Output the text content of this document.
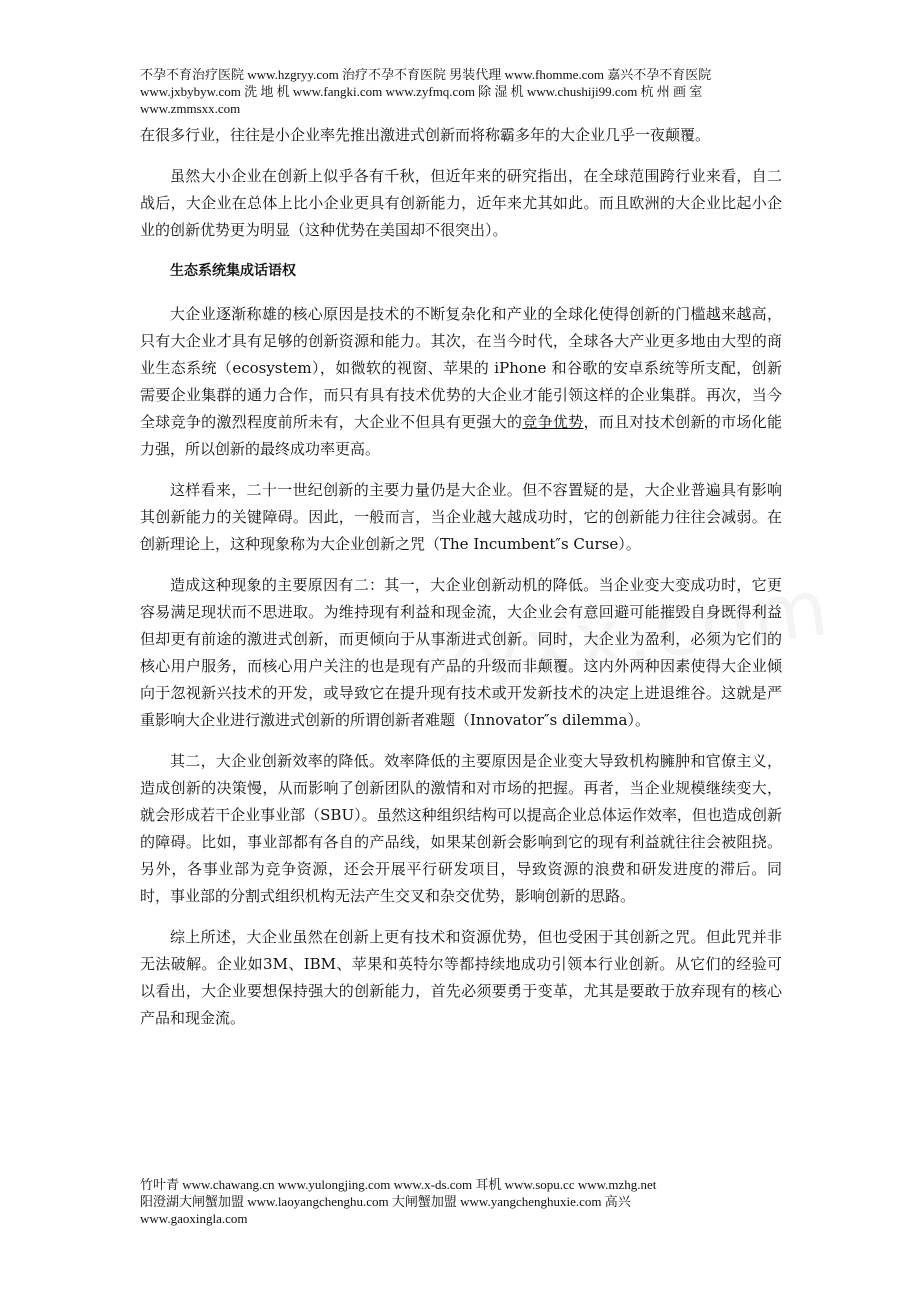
不孕不育治疗医院 www.hzgryy.com 治疗不孕不育医院 男装代理 www.fhomme.com 嘉兴不孕不育医院
www.jxbybyw.com 洗 地 机 www.fangki.com www.zyfmq.com 除 湿 机 www.chushiji99.com 杭 州 画 室
www.zmmsxx.com

在很多行业，往往是小企业率先推出激进式创新而将称霸多年的大企业几乎一夜颠覆。

虽然大小企业在创新上似乎各有千秋，但近年来的研究指出，在全球范围跨行业来看，自二战后，大企业在总体上比小企业更具有创新能力，近年来尤其如此。而且欧洲的大企业比起小企业的创新优势更为明显（这种优势在美国却不很突出）。

生态系统集成话语权

大企业逐渐称雄的核心原因是技术的不断复杂化和产业的全球化使得创新的门槛越来越高，只有大企业才具有足够的创新资源和能力。其次，在当今时代，全球各大产业更多地由大型的商业生态系统（ecosystem），如微软的视窗、苹果的 iPhone 和谷歌的安卓系统等所支配，创新需要企业集群的通力合作，而只有具有技术优势的大企业才能引领这样的企业集群。再次，当今全球竞争的激烈程度前所未有，大企业不但具有更强大的竞争优势，而且对技术创新的市场化能力强，所以创新的最终成功率更高。

这样看来，二十一世纪创新的主要力量仍是大企业。但不容置疑的是，大企业普遍具有影响其创新能力的关键障碍。因此，一般而言，当企业越大越成功时，它的创新能力往往会减弱。在创新理论上，这种现象称为大企业创新之咒（The Incumbent″s Curse）。

造成这种现象的主要原因有二：其一，大企业创新动机的降低。当企业变大变成功时，它更容易满足现状而不思进取。为维持现有利益和现金流，大企业会有意回避可能摧毁自身既得利益但却更有前途的激进式创新，而更倾向于从事渐进式创新。同时，大企业为盈利，必须为它们的核心用户服务，而核心用户关注的也是现有产品的升级而非颠覆。这内外两种因素使得大企业倾向于忽视新兴技术的开发，或导致它在提升现有技术或开发新技术的决定上进退维谷。这就是严重影响大企业进行激进式创新的所谓创新者难题（Innovator″s dilemma）。

其二，大企业创新效率的降低。效率降低的主要原因是企业变大导致机构臃肿和官僚主义，造成创新的决策慢，从而影响了创新团队的激情和对市场的把握。再者，当企业规模继续变大，就会形成若干企业事业部（SBU）。虽然这种组织结构可以提高企业总体运作效率，但也造成创新的障碍。比如，事业部都有各自的产品线，如果某创新会影响到它的现有利益就往往会被阻挠。另外，各事业部为竞争资源，还会开展平行研发项目，导致资源的浪费和研发进度的滞后。同时，事业部的分割式组织机构无法产生交叉和杂交优势，影响创新的思路。

综上所述，大企业虽然在创新上更有技术和资源优势，但也受困于其创新之咒。但此咒并非无法破解。企业如3M、IBM、苹果和英特尔等都持续地成功引领本行业创新。从它们的经验可以看出，大企业要想保持强大的创新能力，首先必须要勇于变革，尤其是要敢于放弃现有的核心产品和现金流。

竹叶青 www.chawang.cn www.yulongjing.com www.x-ds.com 耳机 www.sopu.cc www.mzhg.net
阳澄湖大闸蟹加盟 www.laoyangchenghu.com 大闸蟹加盟 www.yangchenghuxie.com 高兴
www.gaoxingla.com
